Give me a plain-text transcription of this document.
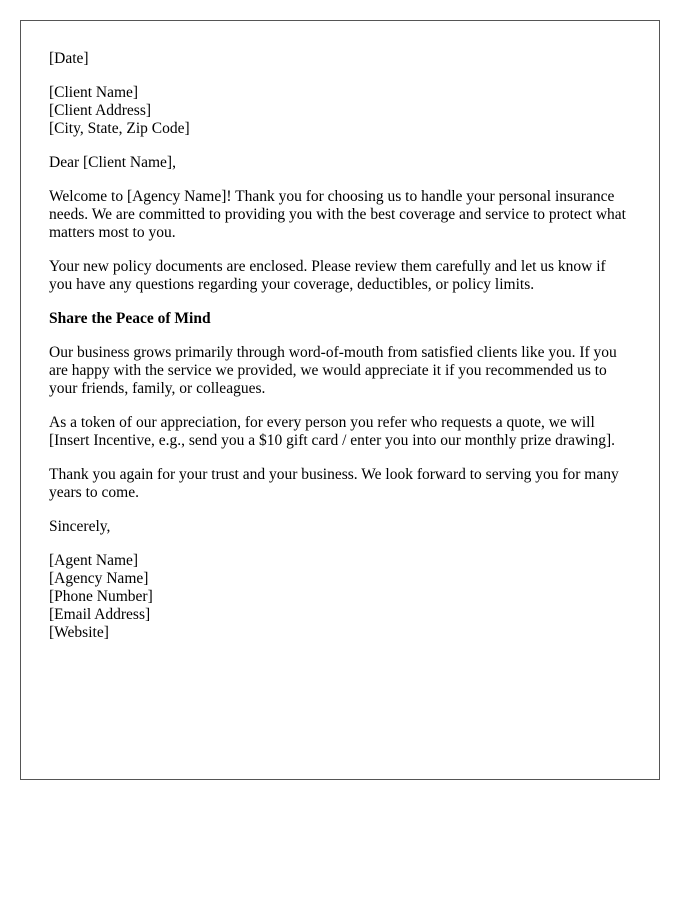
[Date]
[Client Name]
[Client Address]
[City, State, Zip Code]

Dear [Client Name],

Welcome to [Agency Name]! Thank you for choosing us to handle your personal insurance needs. We are committed to providing you with the best coverage and service to protect what matters most to you.

Your new policy documents are enclosed. Please review them carefully and let us know if you have any questions regarding your coverage, deductibles, or policy limits.

Share the Peace of Mind

Our business grows primarily through word-of-mouth from satisfied clients like you. If you are happy with the service we provided, we would appreciate it if you recommended us to your friends, family, or colleagues.

As a token of our appreciation, for every person you refer who requests a quote, we will [Insert Incentive, e.g., send you a $10 gift card / enter you into our monthly prize drawing].

Thank you again for your trust and your business. We look forward to serving you for many years to come.

Sincerely,

[Agent Name]
[Agency Name]
[Phone Number]
[Email Address]
[Website]
